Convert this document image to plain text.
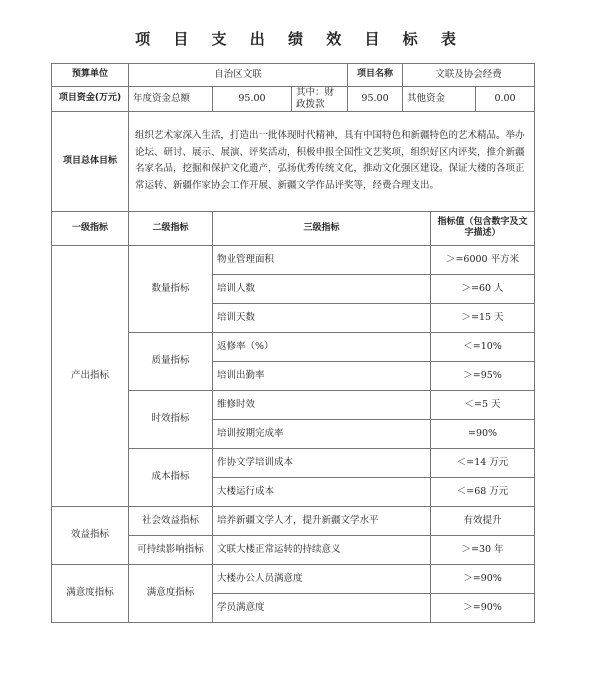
项 目 支 出 绩 效 目 标 表
预算单位	自治区文联			项目名称	文联及协会经费		
项目资金(万元)	年度资金总额	95.00	其中：财政拨款	95.00	其他资金		0.00
项目总体目标	组织艺术家深入生活，打造出一批体现时代精神，具有中国特色和新疆特色的艺术精品。举办论坛、研讨、展示、展演、评奖活动，积极申报全国性文艺奖项，组织好区内评奖，推介新疆名家名品，挖掘和保护文化遗产，弘扬优秀传统文化，推动文化强区建设。保证大楼的各项正常运转、新疆作家协会工作开展、新疆文学作品评奖等，经费合理支出。						
一级指标	二级指标	三级指标				指标值（包含数字及文字描述）	
产出指标	数量指标	物业管理面积				＞=6000 平方米	
		培训人数				＞=60 人	
		培训天数				＞=15 天	
	质量指标	返修率（%）				＜=10%	
		培训出勤率				＞=95%	
	时效指标	维修时效				＜=5 天	
		培训按期完成率				=90%	
	成本指标	作协文学培训成本				＜=14 万元	
		大楼运行成本				＜=68 万元	
效益指标	社会效益指标	培养新疆文学人才，提升新疆文学水平				有效提升	
	可持续影响指标	文联大楼正常运转的持续意义				＞=30 年	
满意度指标	满意度指标	大楼办公人员满意度				＞=90%	
		学员满意度				＞=90%	
